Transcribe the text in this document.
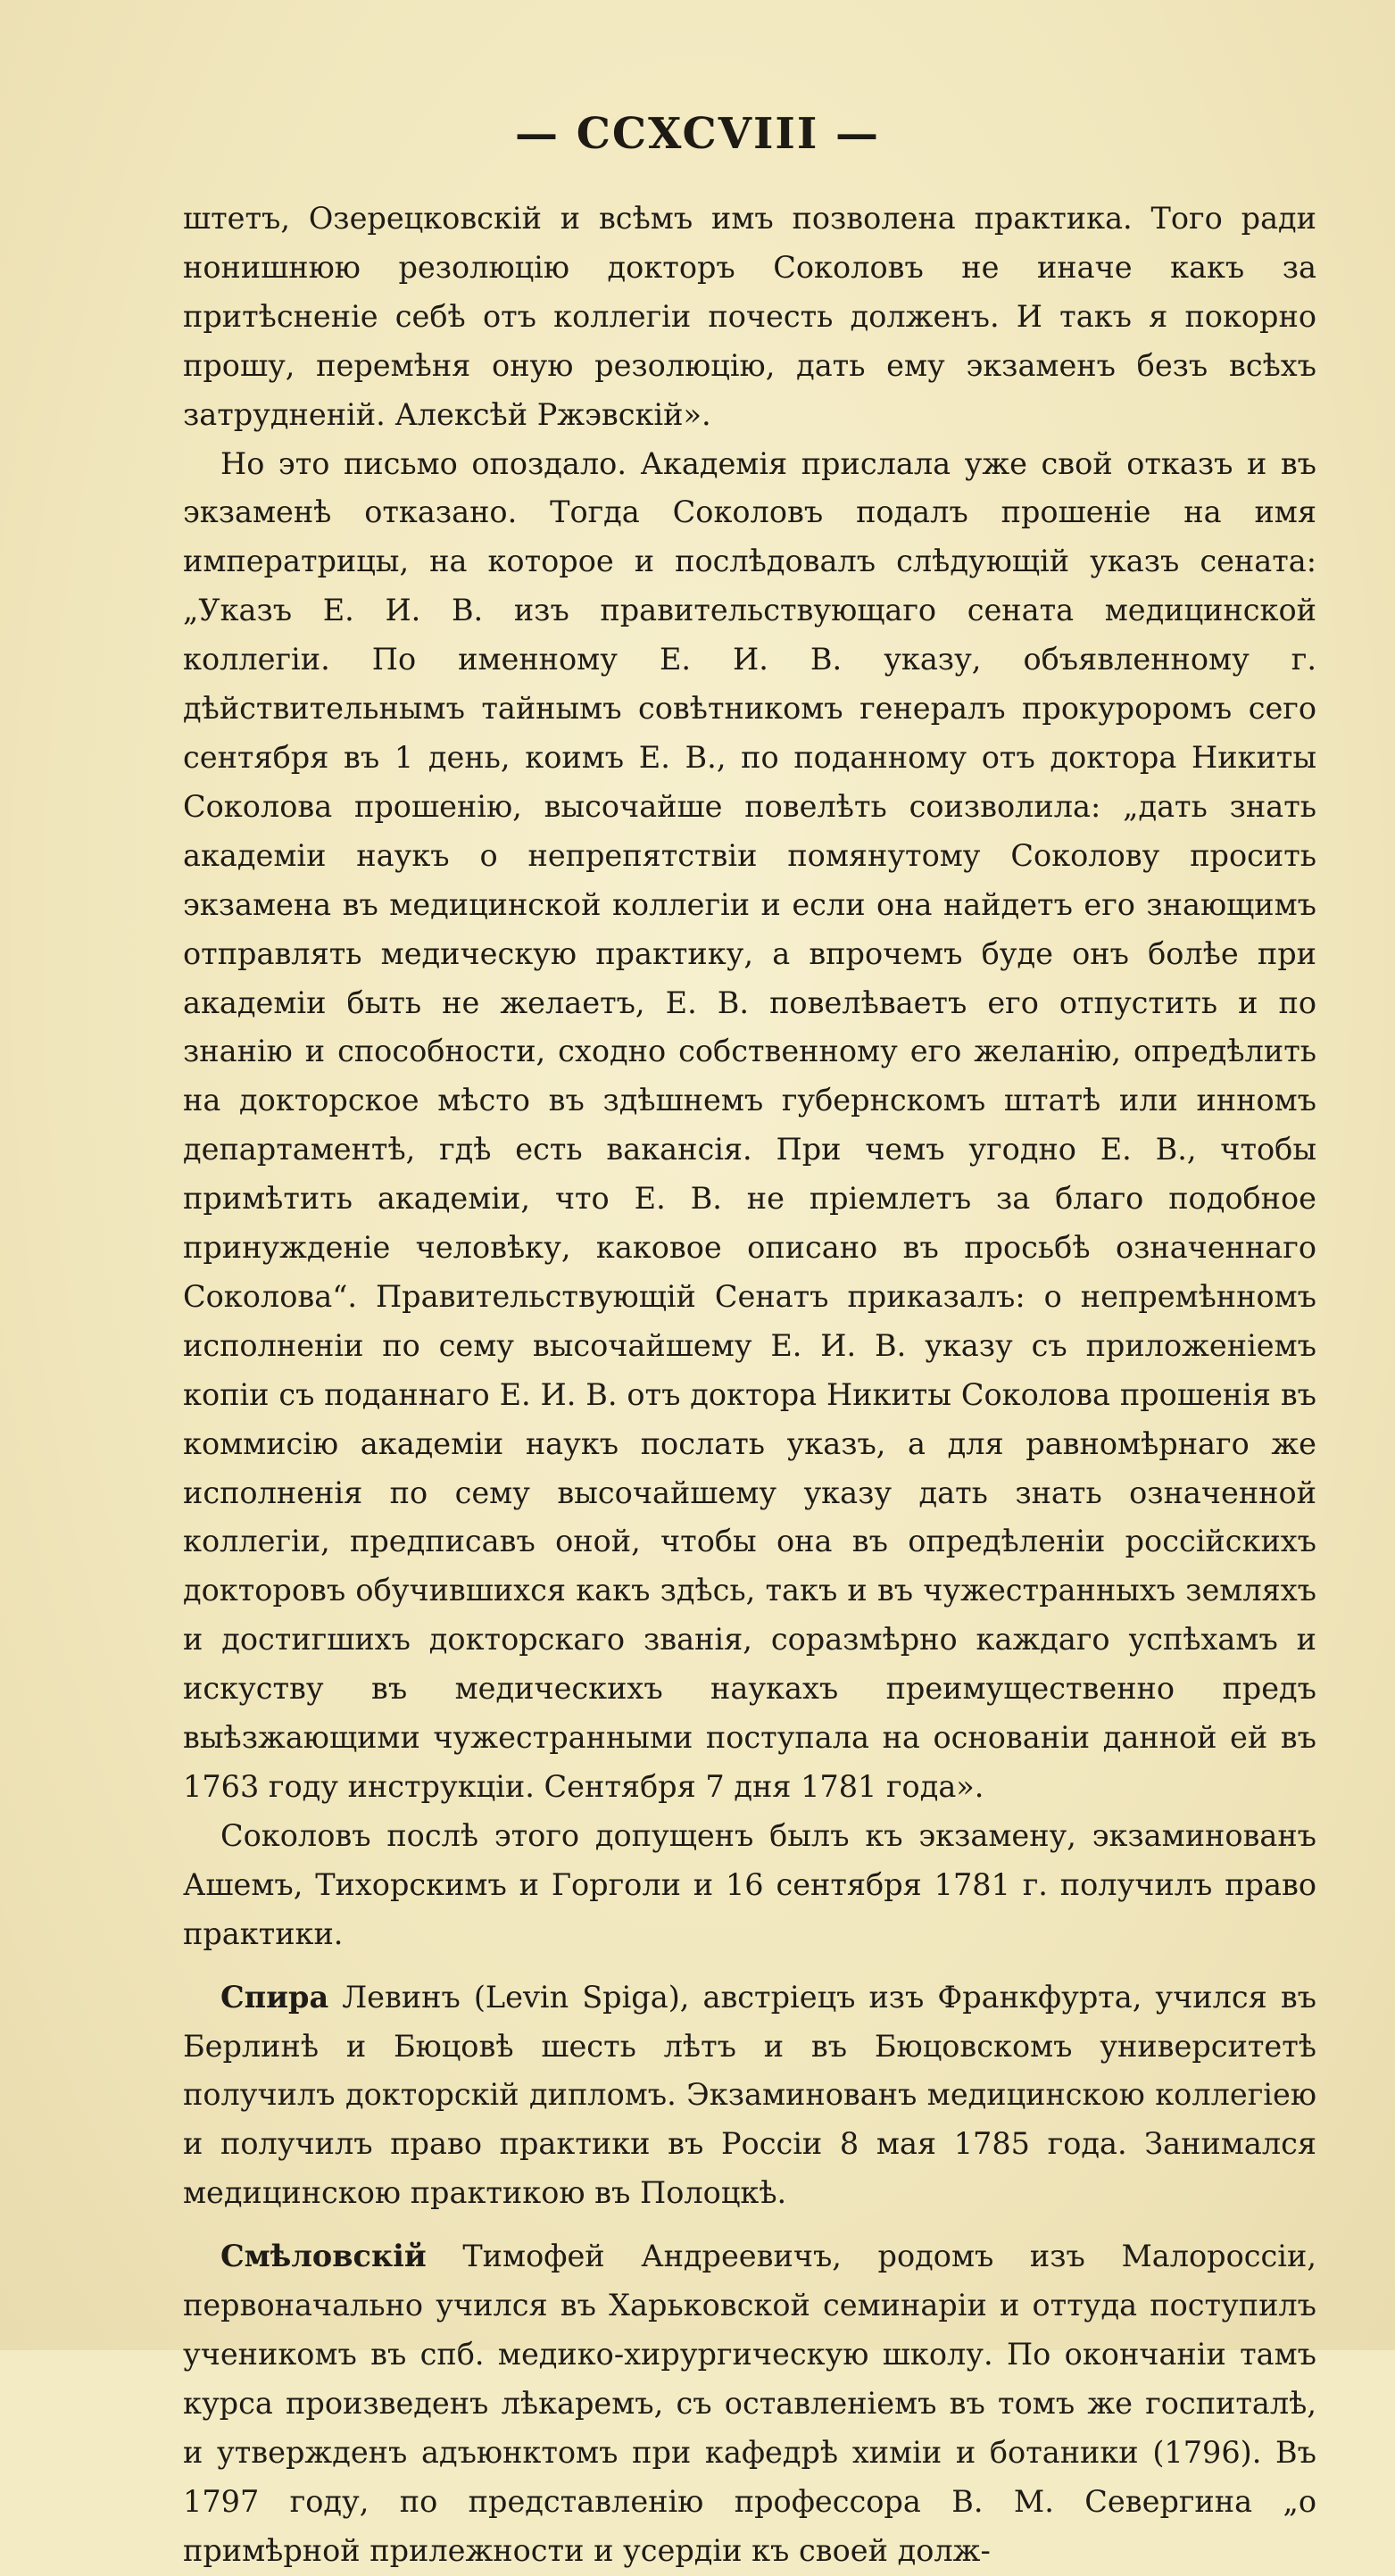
— CCXCVIII —

штетъ, Озерецковскій и всѣмъ имъ позволена практика. Того ради нонишнюю резолюцію докторъ Соколовъ не иначе какъ за притѣсненіе себѣ отъ коллегіи почесть долженъ. И такъ я покорно прошу, перемѣня оную резолюцію, дать ему экзаменъ безъ всѣхъ затрудненій. Алексѣй Ржэвскій».

Но это письмо опоздало. Академія прислала уже свой отказъ и въ экзаменѣ отказано. Тогда Соколовъ подалъ прошеніе на имя императрицы, на которое и послѣдовалъ слѣдующій указъ сената: „Указъ Е. И. В. изъ правительствующаго сената медицинской коллегіи. По именному Е. И. В. указу, объявленному г. дѣйствительнымъ тайнымъ совѣтникомъ генералъ прокуроромъ сего сентября въ 1 день, коимъ Е. В., по поданному отъ доктора Никиты Соколова прошенію, высочайше повелѣть соизволила: „дать знать академіи наукъ о непрепятствіи помянутому Соколову просить экзамена въ медицинской коллегіи и если она найдетъ его знающимъ отправлять медическую практику, а впрочемъ буде онъ болѣе при академіи быть не желаетъ, Е. В. повелѣваетъ его отпустить и по знанію и способности, сходно собственному его желанію, опредѣлить на докторское мѣсто въ здѣшнемъ губернскомъ штатѣ или инномъ департаментѣ, гдѣ есть вакансія. При чемъ угодно Е. В., чтобы примѣтить академіи, что Е. В. не пріемлетъ за благо подобное принужденіе человѣку, каковое описано въ просьбѣ означеннаго Соколова“. Правительствующій Сенатъ приказалъ: о непремѣнномъ исполненіи по сему высочайшему Е. И. В. указу съ приложеніемъ копіи съ поданнаго Е. И. В. отъ доктора Никиты Соколова прошенія въ коммисію академіи наукъ послать указъ, а для равномѣрнаго же исполненія по сему высочайшему указу дать знать означенной коллегіи, предписавъ оной, чтобы она въ опредѣленіи россійскихъ докторовъ обучившихся какъ здѣсь, такъ и въ чужестранныхъ земляхъ и достигшихъ докторскаго званія, соразмѣрно каждаго успѣхамъ и искуству въ медическихъ наукахъ преимущественно предъ выѣзжающими чужестранными поступала на основаніи данной ей въ 1763 году инструкціи. Сентября 7 дня 1781 года».

Соколовъ послѣ этого допущенъ былъ къ экзамену, экзаминованъ Ашемъ, Тихорскимъ и Горголи и 16 сентября 1781 г. получилъ право практики.

Спира Левинъ (Levin Spiga), австріецъ изъ Франкфурта, учился въ Берлинѣ и Бюцовѣ шесть лѣтъ и въ Бюцовскомъ университетѣ получилъ докторскій дипломъ. Экзаминованъ медицинскою коллегіею и получилъ право практики въ Россіи 8 мая 1785 года. Занимался медицинскою практикою въ Полоцкѣ.

Смѣловскій Тимофей Андреевичъ, родомъ изъ Малороссіи, первоначально учился въ Харьковской семинаріи и оттуда поступилъ ученикомъ въ спб. медико-хирургическую школу. По окончаніи тамъ курса произведенъ лѣкаремъ, съ оставленіемъ въ томъ же госпиталѣ, и утвержденъ адъюнктомъ при кафедрѣ химіи и ботаники (1796). Въ 1797 году, по представленію профессора В. М. Севергина „о примѣрной прилежности и усердіи къ своей долж-
